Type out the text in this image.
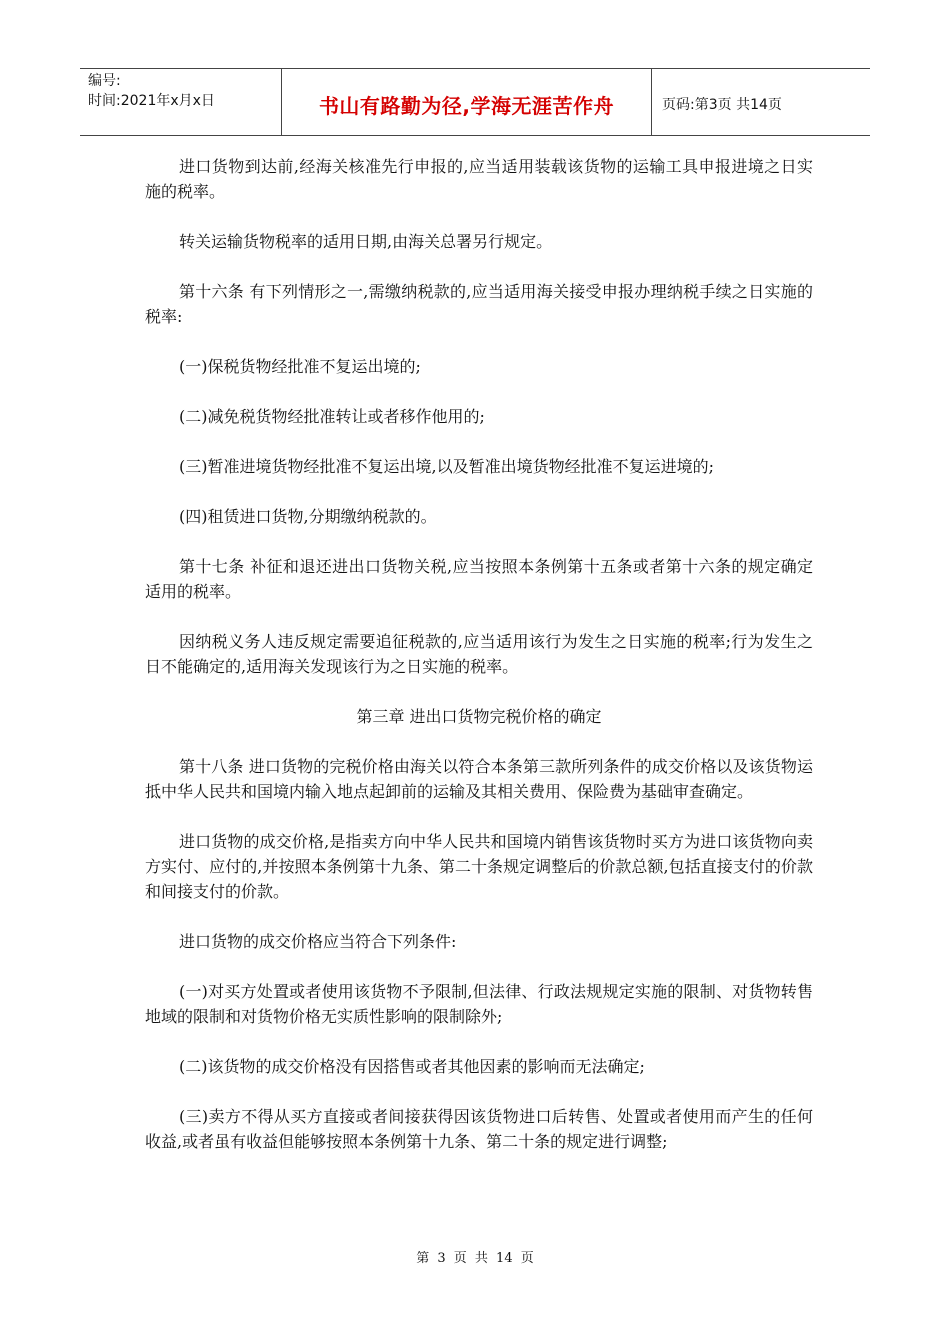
编号:
时间:2021年x月x日	书山有路勤为径,学海无涯苦作舟	页码:第3页 共14页

进口货物到达前,经海关核准先行申报的,应当适用装载该货物的运输工具申报进境之日实施的税率。

转关运输货物税率的适用日期,由海关总署另行规定。

第十六条 有下列情形之一,需缴纳税款的,应当适用海关接受申报办理纳税手续之日实施的税率:

(一)保税货物经批准不复运出境的;

(二)减免税货物经批准转让或者移作他用的;

(三)暂准进境货物经批准不复运出境,以及暂准出境货物经批准不复运进境的;

(四)租赁进口货物,分期缴纳税款的。

第十七条 补征和退还进出口货物关税,应当按照本条例第十五条或者第十六条的规定确定适用的税率。

因纳税义务人违反规定需要追征税款的,应当适用该行为发生之日实施的税率;行为发生之日不能确定的,适用海关发现该行为之日实施的税率。

第三章 进出口货物完税价格的确定

第十八条 进口货物的完税价格由海关以符合本条第三款所列条件的成交价格以及该货物运抵中华人民共和国境内输入地点起卸前的运输及其相关费用、保险费为基础审查确定。

进口货物的成交价格,是指卖方向中华人民共和国境内销售该货物时买方为进口该货物向卖方实付、应付的,并按照本条例第十九条、第二十条规定调整后的价款总额,包括直接支付的价款和间接支付的价款。

进口货物的成交价格应当符合下列条件:

(一)对买方处置或者使用该货物不予限制,但法律、行政法规规定实施的限制、对货物转售地域的限制和对货物价格无实质性影响的限制除外;

(二)该货物的成交价格没有因搭售或者其他因素的影响而无法确定;

(三)卖方不得从买方直接或者间接获得因该货物进口后转售、处置或者使用而产生的任何收益,或者虽有收益但能够按照本条例第十九条、第二十条的规定进行调整;

第 3 页 共 14 页
